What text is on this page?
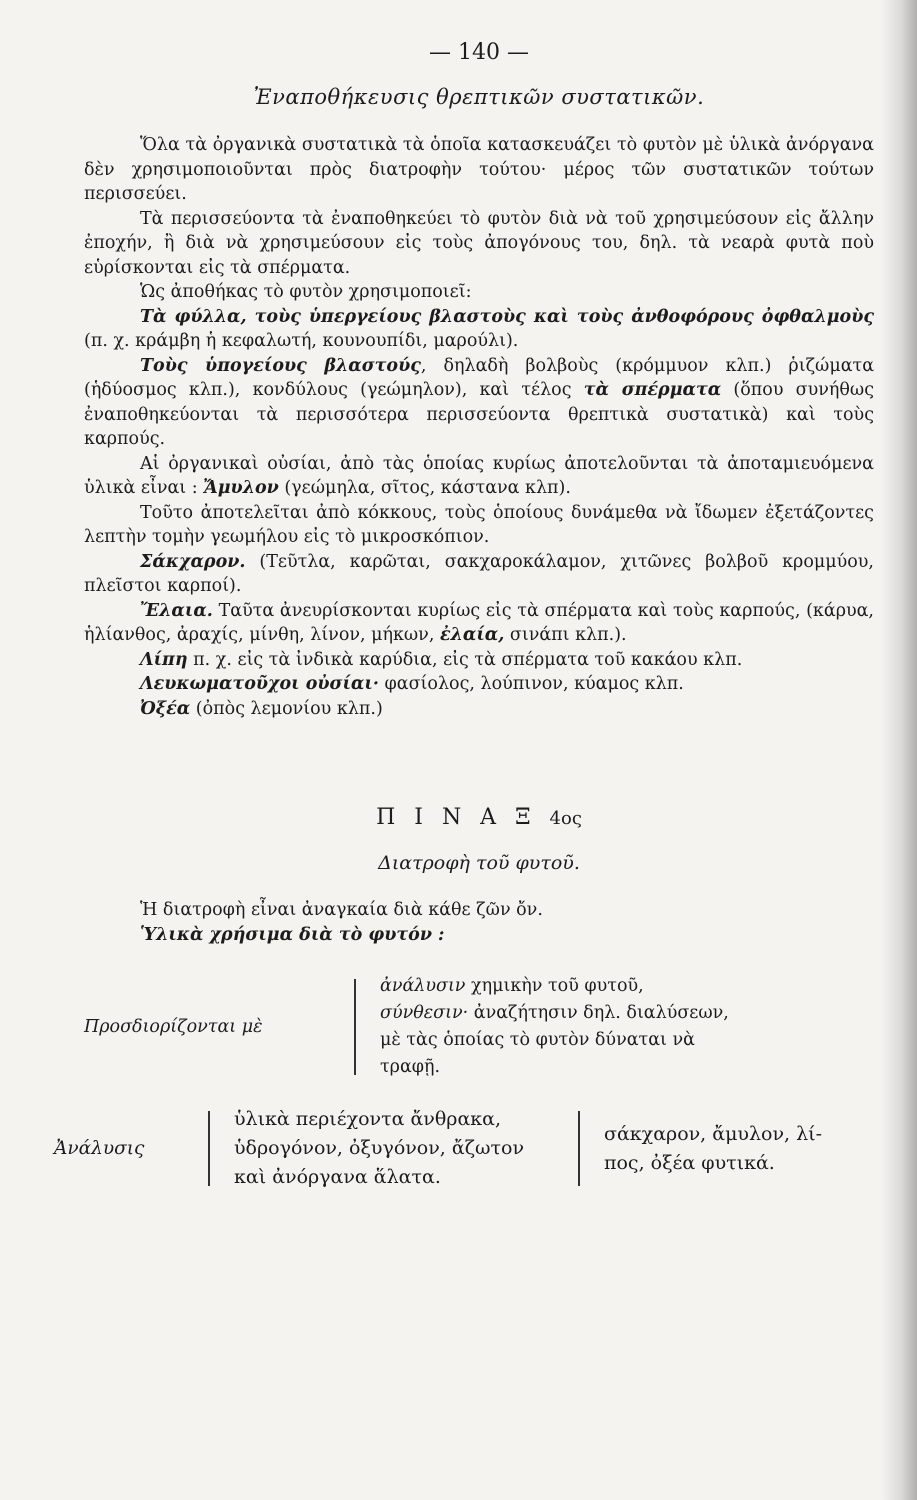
— 140 —
Ἐναποθήκευσις θρεπτικῶν συστατικῶν.

Ὅλα τὰ ὀργανικὰ συστατικὰ τὰ ὁποῖα κατασκευάζει τὸ φυτὸν μὲ ὑλικὰ ἀνόργανα δὲν χρησιμοποιοῦνται πρὸς διατροφὴν τούτου· μέρος τῶν συστατικῶν τούτων περισσεύει.

Τὰ περισσεύοντα τὰ ἐναποθηκεύει τὸ φυτὸν διὰ νὰ τοῦ χρησιμεύσουν εἰς ἄλλην ἐποχήν, ἢ διὰ νὰ χρησιμεύσουν εἰς τοὺς ἀπογόνους του, δηλ. τὰ νεαρὰ φυτὰ ποὺ εὑρίσκονται εἰς τὰ σπέρματα.

Ὡς ἀποθήκας τὸ φυτὸν χρησιμοποιεῖ:

Τὰ φύλλα, τοὺς ὑπεργείους βλαστοὺς καὶ τοὺς ἀνθοφόρους ὀφθαλμοὺς (π. χ. κράμβη ἡ κεφαλωτή, κουνουπίδι, μαρούλι).

Τοὺς ὑπογείους βλαστούς, δηλαδὴ βολβοὺς (κρόμμυον κλπ.) ῥιζώματα (ἡδύοσμος κλπ.), κονδύλους (γεώμηλον), καὶ τέλος τὰ σπέρματα (ὅπου συνήθως ἐναποθηκεύονται τὰ περισσότερα περισσεύοντα θρεπτικὰ συστατικὰ) καὶ τοὺς καρπούς.

Αἱ ὀργανικαὶ οὐσίαι, ἀπὸ τὰς ὁποίας κυρίως ἀποτελοῦνται τὰ ἀποταμιευόμενα ὑλικὰ εἶναι : Ἄμυλον (γεώμηλα, σῖτος, κάστανα κλπ).

Τοῦτο ἀποτελεῖται ἀπὸ κόκκους, τοὺς ὁποίους δυνάμεθα νὰ ἴδωμεν ἐξετάζοντες λεπτὴν τομὴν γεωμήλου εἰς τὸ μικροσκόπιον.

Σάκχαρον. (Τεῦτλα, καρῶται, σακχαροκάλαμον, χιτῶνες βολβοῦ κρομμύου, πλεῖστοι καρποί).

Ἔλαια. Ταῦτα ἀνευρίσκονται κυρίως εἰς τὰ σπέρματα καὶ τοὺς καρπούς, (κάρυα, ἡλίανθος, ἀραχίς, μίνθη, λίνον, μήκων, ἐλαία, σινάπι κλπ.).

Λίπη π. χ. εἰς τὰ ἰνδικὰ καρύδια, εἰς τὰ σπέρματα τοῦ κακάου κλπ.

Λευκωματοῦχοι οὐσίαι· φασίολος, λούπινον, κύαμος κλπ.

Ὀξέα (ὀπὸς λεμονίου κλπ.)

Π Ι Ν Α Ξ 4ος
Διατροφὴ τοῦ φυτοῦ.

Ἡ διατροφὴ εἶναι ἀναγκαία διὰ κάθε ζῶν ὄν.

Ὑλικὰ χρήσιμα διὰ τὸ φυτόν :

Προσδιορίζονται μὲ
ἀνάλυσιν χημικὴν τοῦ φυτοῦ,
σύνθεσιν· ἀναζήτησιν δηλ. διαλύσεων,
μὲ τὰς ὁποίας τὸ φυτὸν δύναται νὰ
τραφῇ.
Ἀνάλυσις
ὑλικὰ περιέχοντα ἄνθρακα,
ὑδρογόνον, ὀξυγόνον, ἄζωτον
καὶ ἀνόργανα ἅλατα.
σάκχαρον, ἄμυλον, λί-
πος, ὀξέα φυτικά.
